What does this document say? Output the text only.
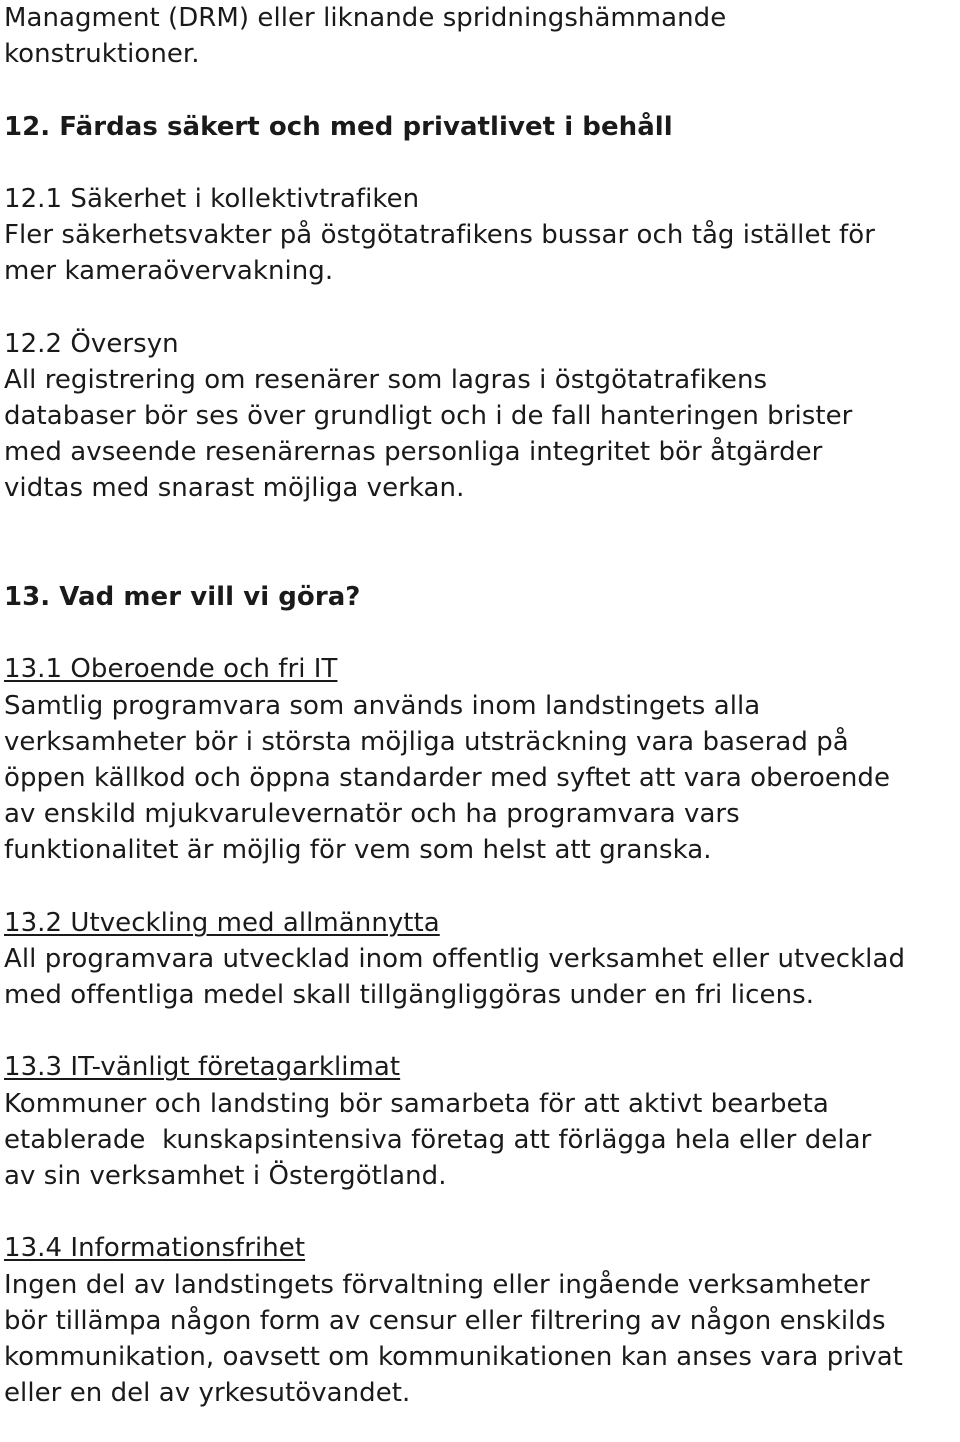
Managment (DRM) eller liknande spridningshämmande
konstruktioner.
12. Färdas säkert och med privatlivet i behåll
12.1 Säkerhet i kollektivtrafiken
Fler säkerhetsvakter på östgötatrafikens bussar och tåg istället för
mer kameraövervakning.
12.2 Översyn
All registrering om resenärer som lagras i östgötatrafikens
databaser bör ses över grundligt och i de fall hanteringen brister
med avseende resenärernas personliga integritet bör åtgärder
vidtas med snarast möjliga verkan.
13. Vad mer vill vi göra?
13.1 Oberoende och fri IT
Samtlig programvara som används inom landstingets alla
verksamheter bör i största möjliga utsträckning vara baserad på
öppen källkod och öppna standarder med syftet att vara oberoende
av enskild mjukvarulevernatör och ha programvara vars
funktionalitet är möjlig för vem som helst att granska.
13.2 Utveckling med allmännytta
All programvara utvecklad inom offentlig verksamhet eller utvecklad
med offentliga medel skall tillgängliggöras under en fri licens.
13.3 IT-vänligt företagarklimat
Kommuner och landsting bör samarbeta för att aktivt bearbeta
etablerade  kunskapsintensiva företag att förlägga hela eller delar
av sin verksamhet i Östergötland.
13.4 Informationsfrihet
Ingen del av landstingets förvaltning eller ingående verksamheter
bör tillämpa någon form av censur eller filtrering av någon enskilds
kommunikation, oavsett om kommunikationen kan anses vara privat
eller en del av yrkesutövandet.
